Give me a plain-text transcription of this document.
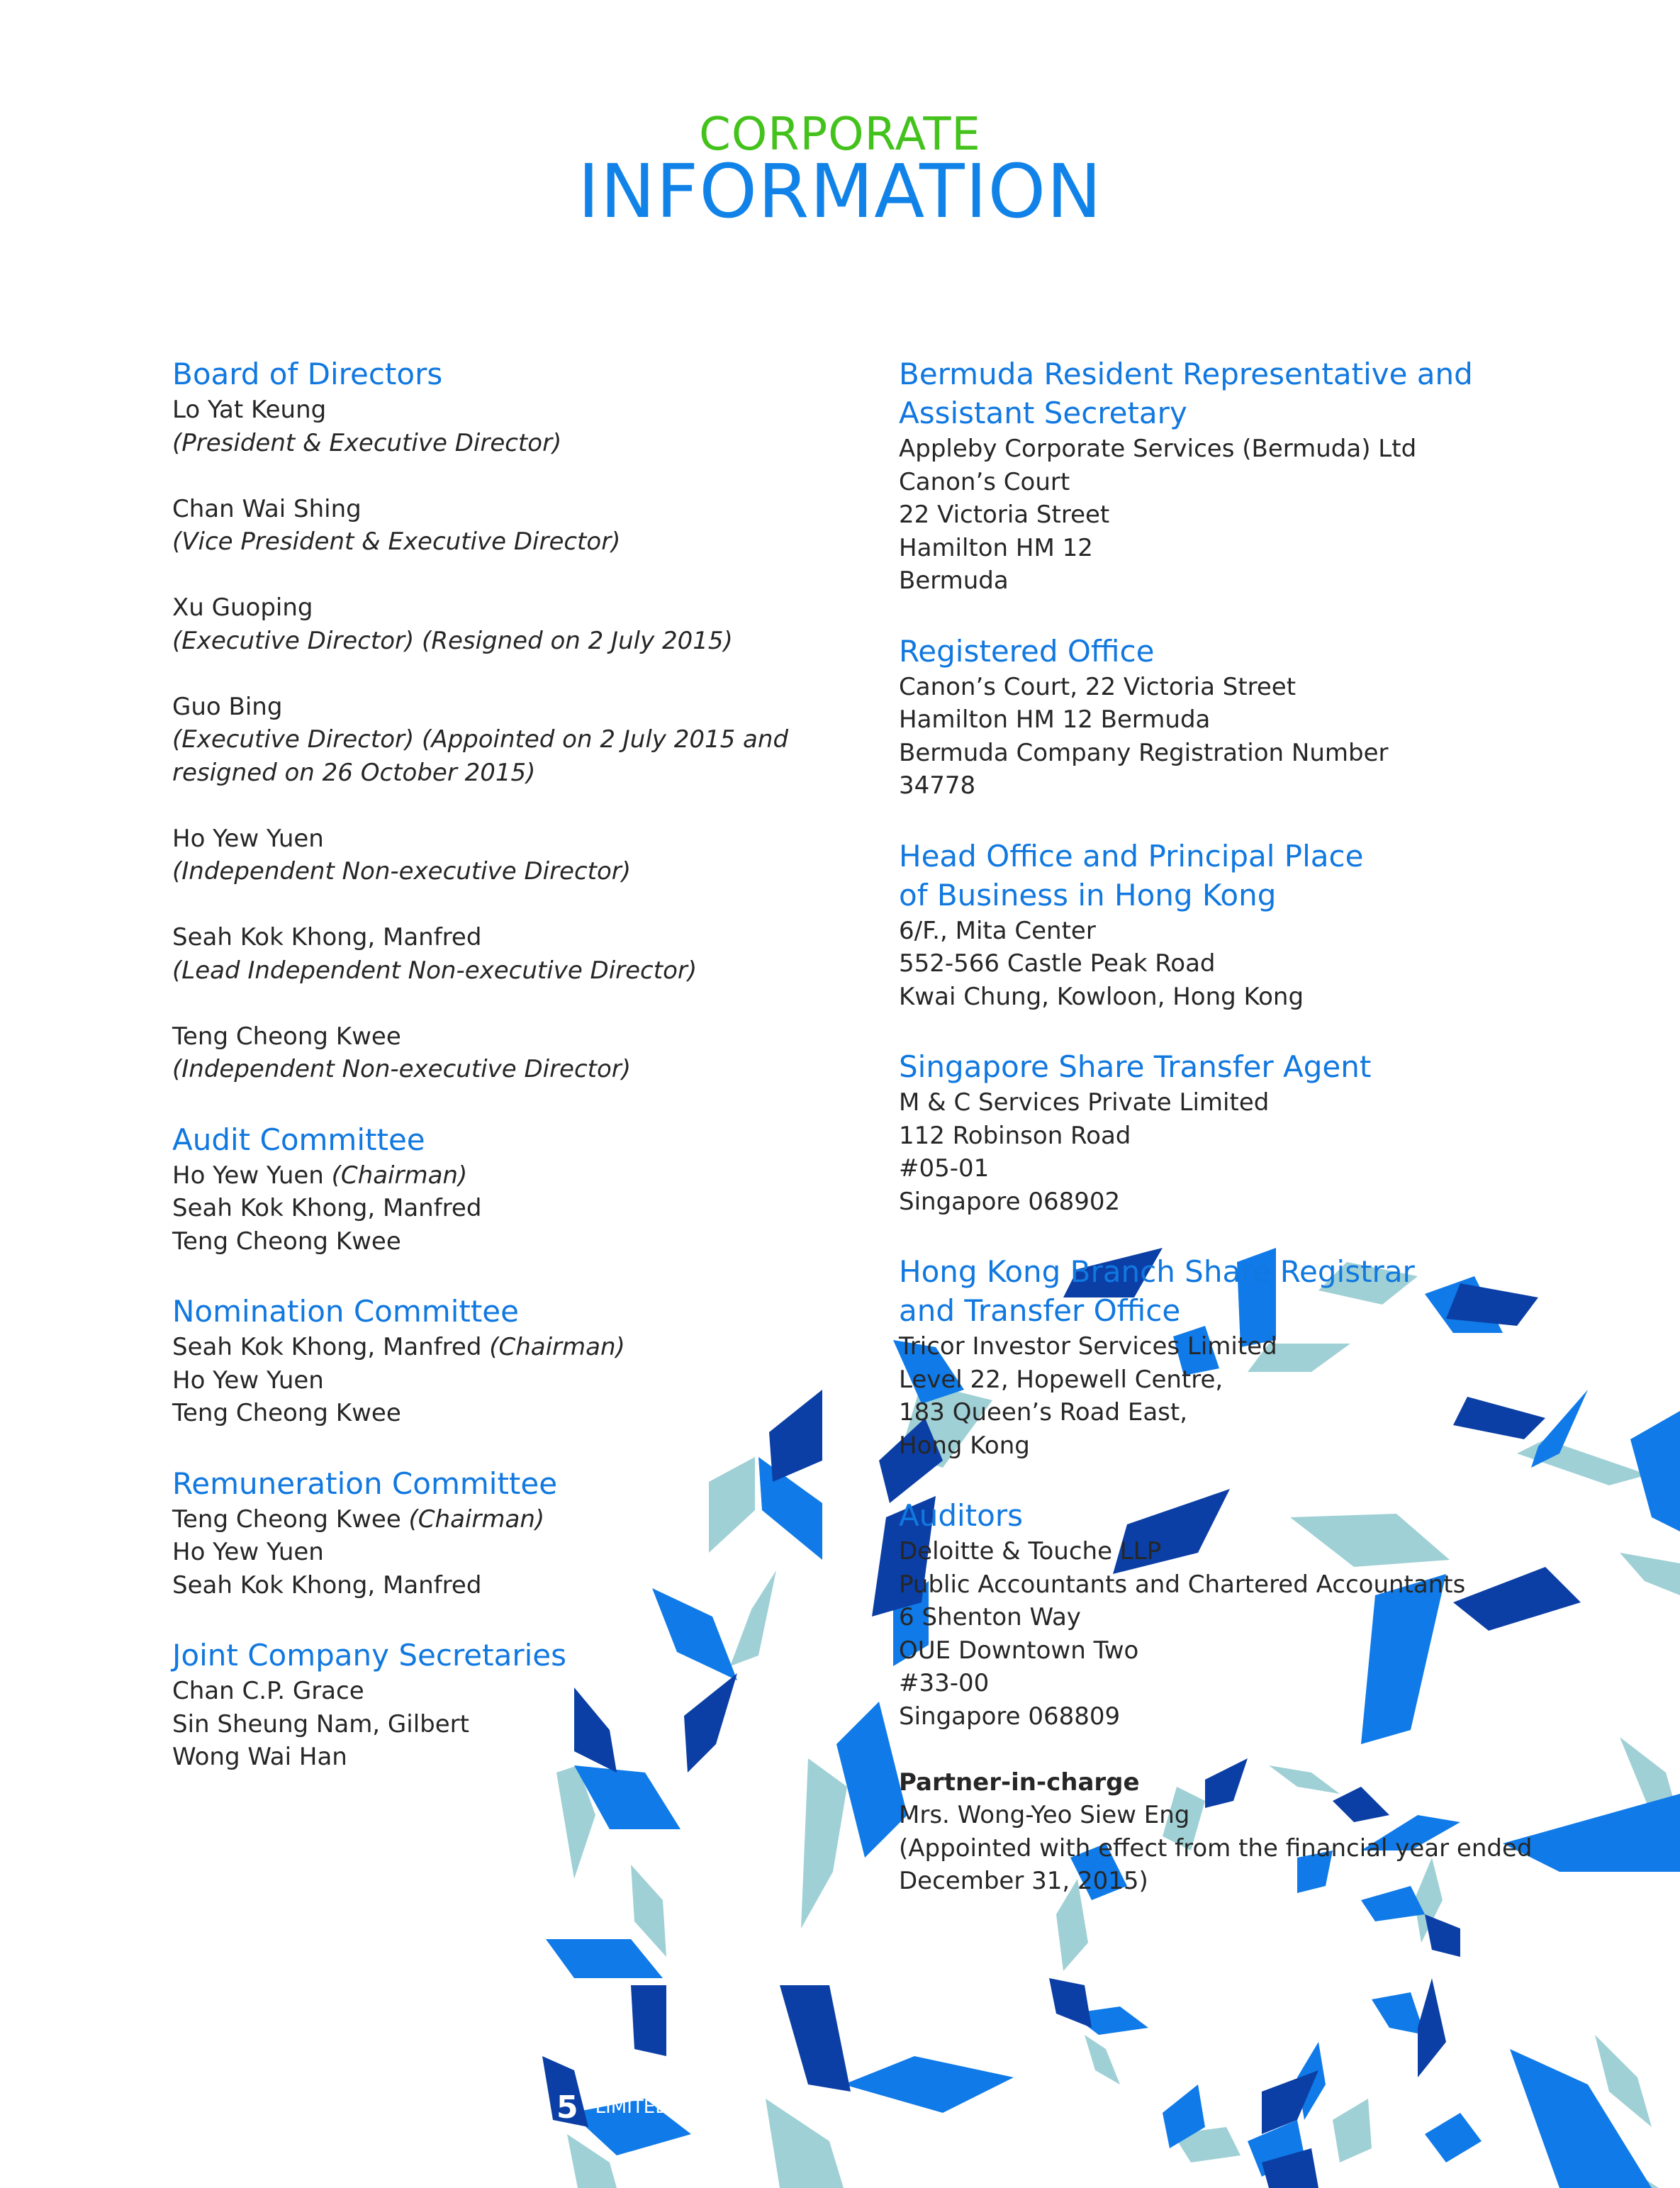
CORPORATE
INFORMATION
Board of Directors
Lo Yat Keung
(President & Executive Director)
Chan Wai Shing
(Vice President & Executive Director)
Xu Guoping
(Executive Director) (Resigned on 2 July 2015)
Guo Bing
(Executive Director) (Appointed on 2 July 2015 and
resigned on 26 October 2015)
Ho Yew Yuen
(Independent Non-executive Director)
Seah Kok Khong, Manfred
(Lead Independent Non-executive Director)
Teng Cheong Kwee
(Independent Non-executive Director)
Audit Committee
Ho Yew Yuen (Chairman)
Seah Kok Khong, Manfred
Teng Cheong Kwee
Nomination Committee
Seah Kok Khong, Manfred (Chairman)
Ho Yew Yuen
Teng Cheong Kwee
Remuneration Committee
Teng Cheong Kwee (Chairman)
Ho Yew Yuen
Seah Kok Khong, Manfred
Joint Company Secretaries
Chan C.P. Grace
Sin Sheung Nam, Gilbert
Wong Wai Han
Bermuda Resident Representative and
Assistant Secretary
Appleby Corporate Services (Bermuda) Ltd
Canon’s Court
22 Victoria Street
Hamilton HM 12
Bermuda
Registered Office
Canon’s Court, 22 Victoria Street
Hamilton HM 12 Bermuda
Bermuda Company Registration Number
34778
Head Office and Principal Place
of Business in Hong Kong
6/F., Mita Center
552-566 Castle Peak Road
Kwai Chung, Kowloon, Hong Kong
Singapore Share Transfer Agent
M & C Services Private Limited
112 Robinson Road
#05-01
Singapore 068902
Hong Kong Branch Share Registrar
and Transfer Office
Tricor Investor Services Limited
Level 22, Hopewell Centre,
183 Queen’s Road East,
Hong Kong
Auditors
Deloitte & Touche LLP
Public Accountants and Chartered Accountants
6 Shenton Way
OUE Downtown Two
#33-00
Singapore 068809
Partner-in-charge
Mrs. Wong-Yeo Siew Eng
(Appointed with effect from the financial year ended
December 31, 2015)
5 LIMITED | AN
